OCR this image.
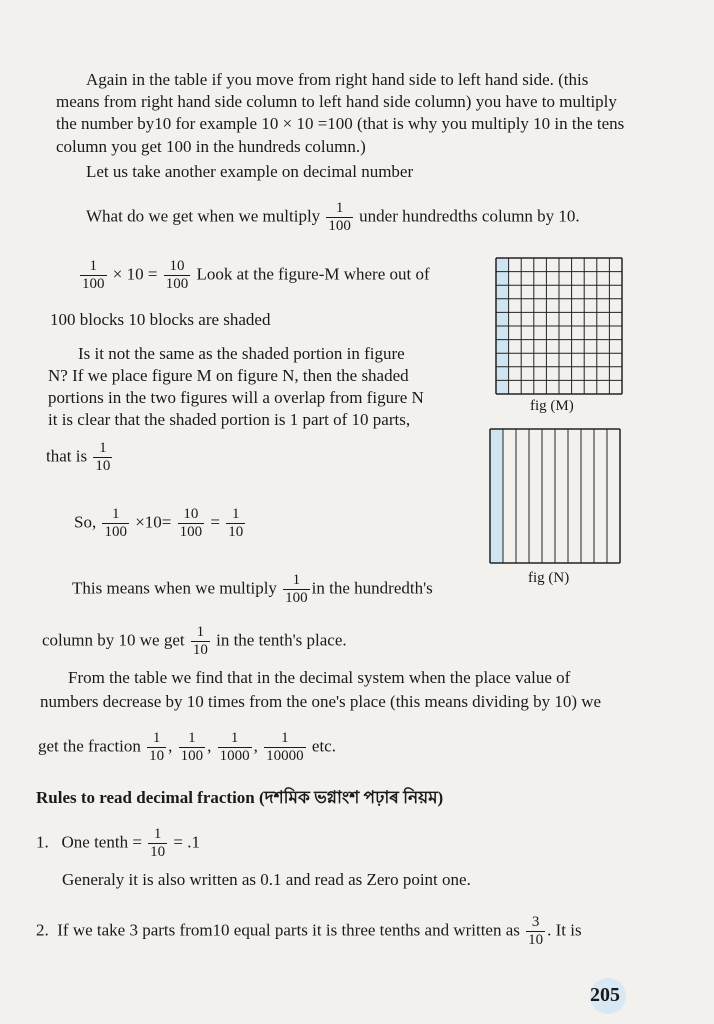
Again in the table if you move from right hand side to left hand side. (this
means from right hand side column to left hand side column) you have to multiply
the number by10 for example 10 × 10 =100 (that is why you multiply 10 in the tens
column you get 100 in the hundreds column.)
Let us take another example on decimal number
What do we get when we multiply $\frac{1}{100}$ under hundredths column by 10.
$\frac{1}{100} \times 10 = \frac{10}{100}$ Look at the figure-M where out of
100 blocks 10 blocks are shaded
Is it not the same as the shaded portion in figure
N? If we place figure M on figure N, then the shaded
portions in the two figures will a overlap from figure N
it is clear that the shaded portion is 1 part of 10 parts,
that is $\frac{1}{10}$
So, $\frac{1}{100} \times 10= \frac{10}{100} = \frac{1}{10}$
This means when we multiply $\frac{1}{100}$ in the hundredth's
column by 10 we get $\frac{1}{10}$ in the tenth's place.
From the table we find that in the decimal system when the place value of
numbers decrease by 10 times from the one's place (this means dividing by 10) we
get the fraction $\frac{1}{10}$ , $\frac{1}{100}$ , $\frac{1}{1000}$ , $\frac{1}{10000}$ etc.
Rules to read decimal fraction (দশমিক ভগ্নাংশ পঢ়াৰ নিয়ম)
1. One tenth = $\frac{1}{10} = .1$
Generaly it is also written as 0.1 and read as Zero point one.
2. If we take 3 parts from10 equal parts it is three tenths and written as $\frac{3}{10}$ . It is
fig (M)
fig (N)
205
